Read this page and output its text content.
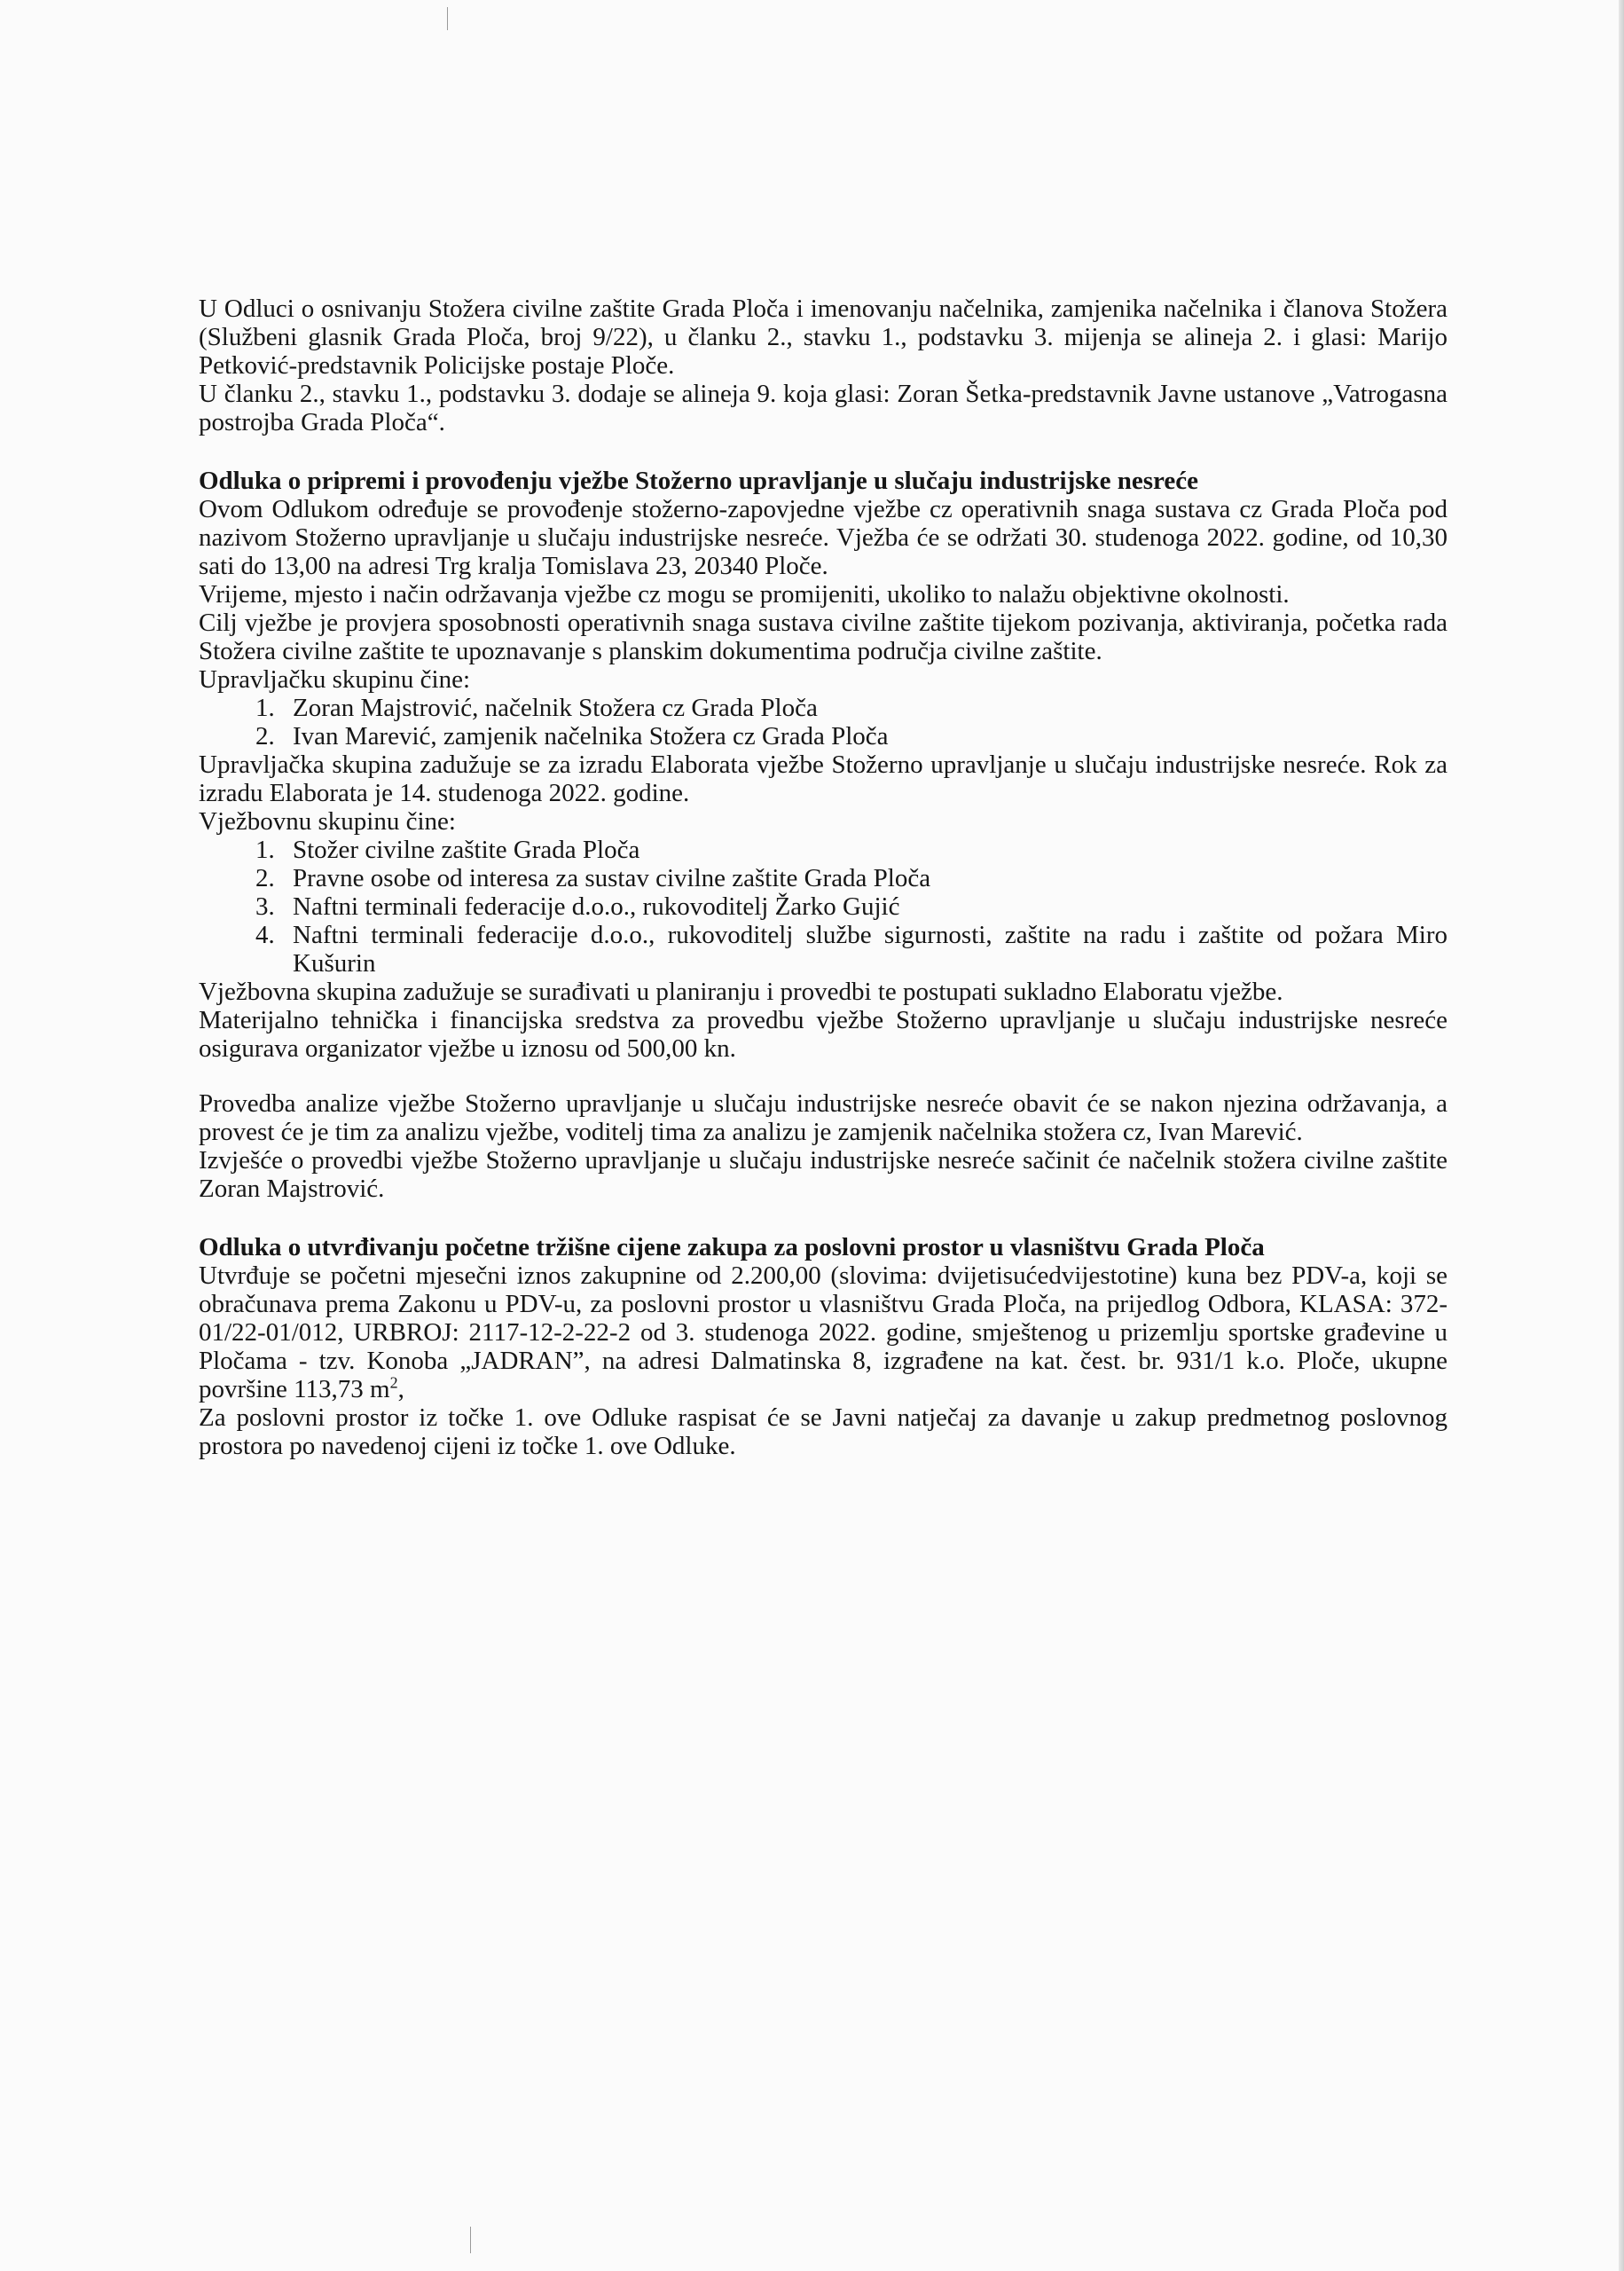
U Odluci o osnivanju Stožera civilne zaštite Grada Ploča i imenovanju načelnika, zamjenika načelnika i članova Stožera (Službeni glasnik Grada Ploča, broj 9/22), u članku 2., stavku 1., podstavku 3. mijenja se alineja 2. i glasi: Marijo Petković-predstavnik Policijske postaje Ploče.

U članku 2., stavku 1., podstavku 3. dodaje se alineja 9. koja glasi: Zoran Šetka-predstavnik Javne ustanove „Vatrogasna postrojba Grada Ploča“.

Odluka o pripremi i provođenju vježbe Stožerno upravljanje u slučaju industrijske nesreće

Ovom Odlukom određuje se provođenje stožerno-zapovjedne vježbe cz operativnih snaga sustava cz Grada Ploča pod nazivom Stožerno upravljanje u slučaju industrijske nesreće. Vježba će se održati 30. studenoga 2022. godine, od 10,30 sati do 13,00 na adresi Trg kralja Tomislava 23, 20340 Ploče.

Vrijeme, mjesto i način održavanja vježbe cz mogu se promijeniti, ukoliko to nalažu objektivne okolnosti.

Cilj vježbe je provjera sposobnosti operativnih snaga sustava civilne zaštite tijekom pozivanja, aktiviranja, početka rada Stožera civilne zaštite te upoznavanje s planskim dokumentima područja civilne zaštite.

Upravljačku skupinu čine:

1. Zoran Majstrović, načelnik Stožera cz Grada Ploča
2. Ivan Marević, zamjenik načelnika Stožera cz Grada Ploča

Upravljačka skupina zadužuje se za izradu Elaborata vježbe Stožerno upravljanje u slučaju industrijske nesreće. Rok za izradu Elaborata je 14. studenoga 2022. godine.

Vježbovnu skupinu čine:

1. Stožer civilne zaštite Grada Ploča
2. Pravne osobe od interesa za sustav civilne zaštite Grada Ploča
3. Naftni terminali federacije d.o.o., rukovoditelj Žarko Gujić
4. Naftni terminali federacije d.o.o., rukovoditelj službe sigurnosti, zaštite na radu i zaštite od požara Miro Kušurin

Vježbovna skupina zadužuje se surađivati u planiranju i provedbi te postupati sukladno Elaboratu vježbe.

Materijalno tehnička i financijska sredstva za provedbu vježbe Stožerno upravljanje u slučaju industrijske nesreće osigurava organizator vježbe u iznosu od 500,00 kn.

Provedba analize vježbe Stožerno upravljanje u slučaju industrijske nesreće obavit će se nakon njezina održavanja, a provest će je tim za analizu vježbe, voditelj tima za analizu je zamjenik načelnika stožera cz, Ivan Marević.

Izvješće o provedbi vježbe Stožerno upravljanje u slučaju industrijske nesreće sačinit će načelnik stožera civilne zaštite Zoran Majstrović.

Odluka o utvrđivanju početne tržišne cijene zakupa za poslovni prostor u vlasništvu Grada Ploča

Utvrđuje se početni mjesečni iznos zakupnine od 2.200,00 (slovima: dvijetisućedvijestotine) kuna bez PDV-a, koji se obračunava prema Zakonu u PDV-u, za poslovni prostor u vlasništvu Grada Ploča, na prijedlog Odbora, KLASA: 372-01/22-01/012, URBROJ: 2117-12-2-22-2 od 3. studenoga 2022. godine, smještenog u prizemlju sportske građevine u Pločama - tzv. Konoba „JADRAN”, na adresi Dalmatinska 8, izgrađene na kat. čest. br. 931/1 k.o. Ploče, ukupne površine 113,73 $m^2$,

Za poslovni prostor iz točke 1. ove Odluke raspisat će se Javni natječaj za davanje u zakup predmetnog poslovnog prostora po navedenoj cijeni iz točke 1. ove Odluke.
